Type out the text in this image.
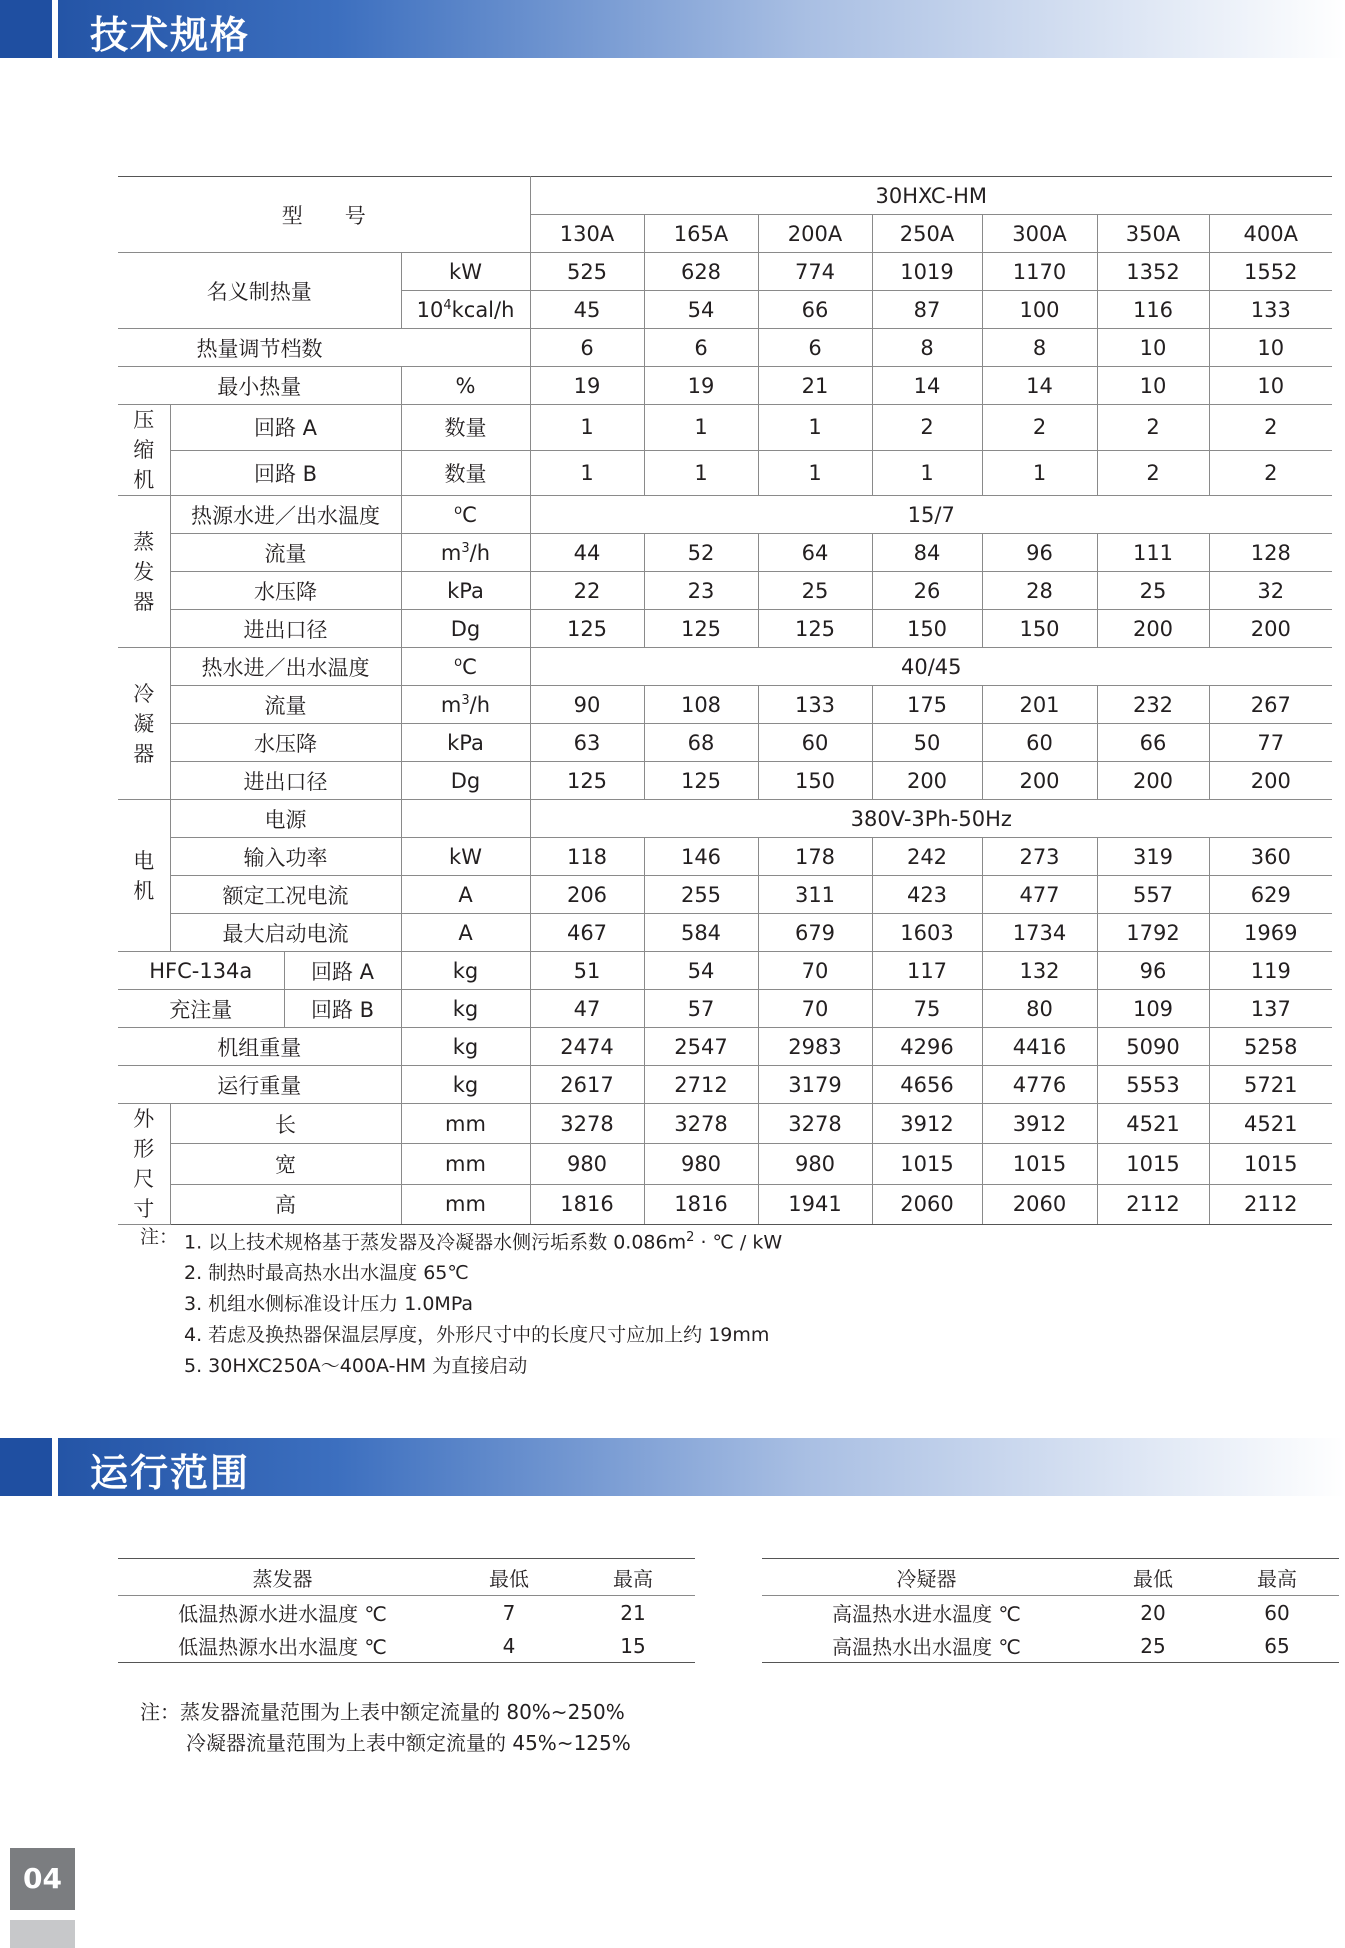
技术规格
型　　号				30HXC-HM						
				130A	165A	200A	250A	300A	350A	400A
名义制热量			kW	525	628	774	1019	1170	1352	1552
			$10^4kcal/h$	45	54	66	87	100	116	133
热量调节档数				6	6	6	8	8	10	10
最小热量			%	19	19	21	14	14	10	10
压
缩
机	回路 A		数量	1	1	1	2	2	2	2
	回路 B		数量	1	1	1	1	1	2	2
蒸
发
器	热源水进／出水温度		$^o$C	15/7						
	流量		$m^3/h$	44	52	64	84	96	111	128
	水压降		kPa	22	23	25	26	28	25	32
	进出口径		Dg	125	125	125	150	150	200	200
冷
凝
器	热水进／出水温度		$^o$C	40/45						
	流量		$m^3/h$	90	108	133	175	201	232	267
	水压降		kPa	63	68	60	50	60	66	77
	进出口径		Dg	125	125	150	200	200	200	200
电
机	电源			380V-3Ph-50Hz						
	输入功率		kW	118	146	178	242	273	319	360
	额定工况电流		A	206	255	311	423	477	557	629
	最大启动电流		A	467	584	679	1603	1734	1792	1969
HFC-134a		回路 A	kg	51	54	70	117	132	96	119
充注量		回路 B	kg	47	57	70	75	80	109	137
机组重量			kg	2474	2547	2983	4296	4416	5090	5258
运行重量			kg	2617	2712	3179	4656	4776	5553	5721
外
形
尺
寸	长		mm	3278	3278	3278	3912	3912	4521	4521
	宽		mm	980	980	980	1015	1015	1015	1015
	高		mm	1816	1816	1941	2060	2060	2112	2112
注： 1. 以上技术规格基于蒸发器及冷凝器水侧污垢系数 $0.086m^2$ · ℃ / kW
2. 制热时最高热水出水温度 65℃
3. 机组水侧标准设计压力 1.0MPa
4. 若虑及换热器保温层厚度，外形尺寸中的长度尺寸应加上约 19mm
5. 30HXC250A～400A-HM 为直接启动
运行范围
蒸发器	最低	最高
低温热源水进水温度 ℃	7	21
低温热源水出水温度 ℃	4	15
冷疑器	最低	最高
高温热水进水温度 ℃	20	60
高温热水出水温度 ℃	25	65
注：蒸发器流量范围为上表中额定流量的 80%~250%
冷凝器流量范围为上表中额定流量的 45%~125%
04
